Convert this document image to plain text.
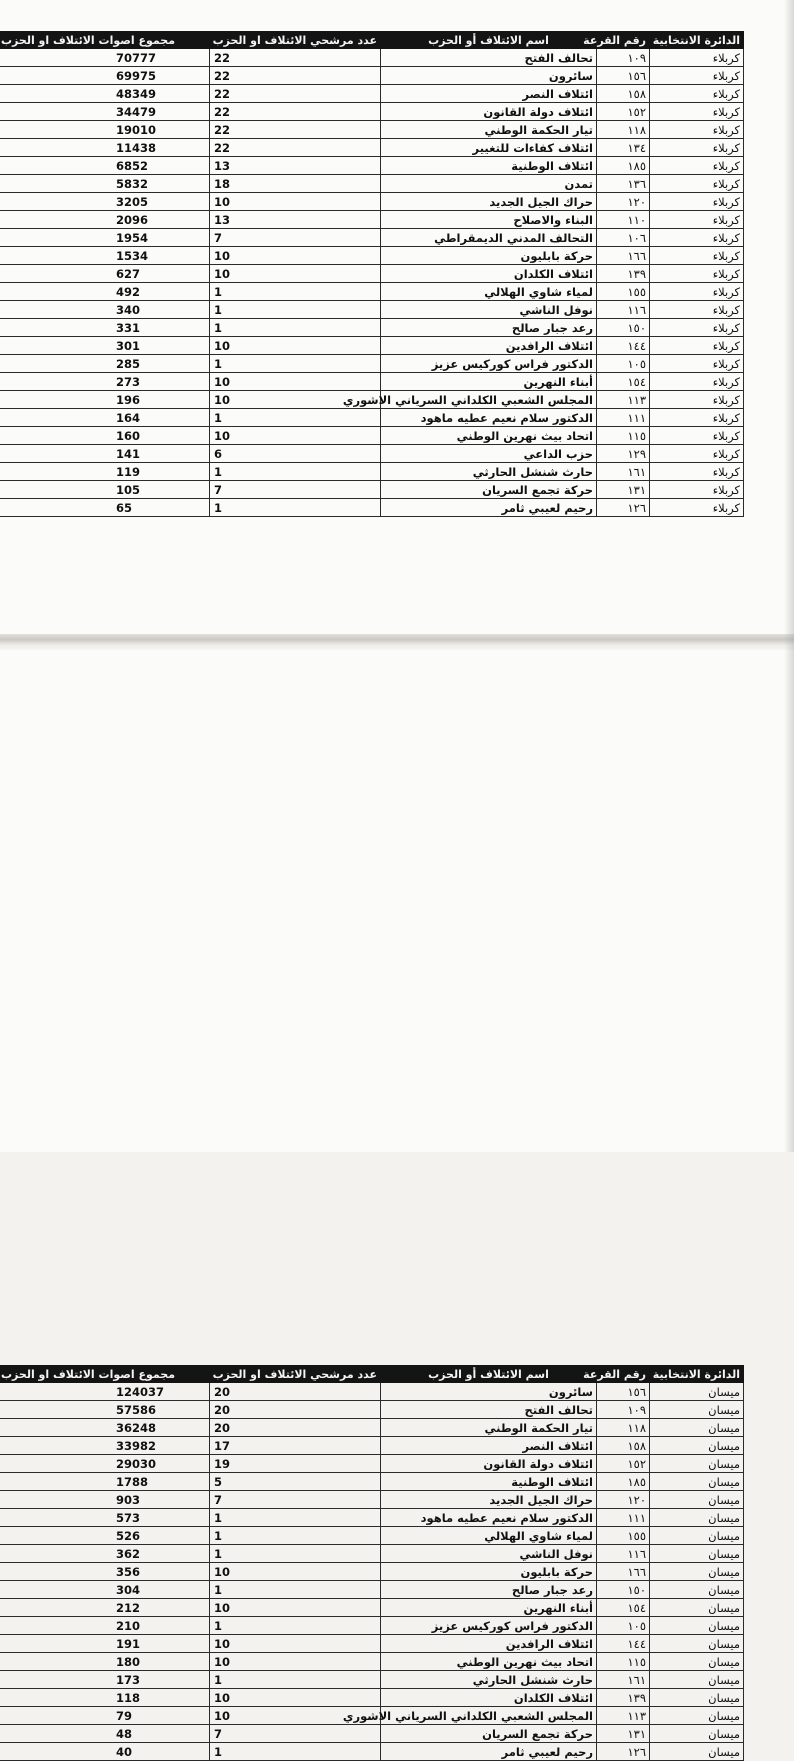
الدائرة الانتخابية	رقم القرعة	اسم الائتلاف أو الحزب	عدد مرشحي الائتلاف او الحزب	مجموع اصوات الائتلاف او الحزب
كربلاء	١٠٩	تحالف الفتح	22	70777
كربلاء	١٥٦	سائرون	22	69975
كربلاء	١٥٨	ائتلاف النصر	22	48349
كربلاء	١٥٢	ائتلاف دولة القانون	22	34479
كربلاء	١١٨	تيار الحكمة الوطني	22	19010
كربلاء	١٣٤	ائتلاف كفاءات للتغيير	22	11438
كربلاء	١٨٥	ائتلاف الوطنية	13	6852
كربلاء	١٣٦	تمدن	18	5832
كربلاء	١٢٠	حراك الجيل الجديد	10	3205
كربلاء	١١٠	البناء والاصلاح	13	2096
كربلاء	١٠٦	التحالف المدني الديمقراطي	7	1954
كربلاء	١٦٦	حركة بابليون	10	1534
كربلاء	١٣٩	ائتلاف الكلدان	10	627
كربلاء	١٥٥	لمياء شاوي الهلالي	1	492
كربلاء	١١٦	نوفل الناشي	1	340
كربلاء	١٥٠	رعد جبار صالح	1	331
كربلاء	١٤٤	ائتلاف الرافدين	10	301
كربلاء	١٠٥	الدكتور فراس كوركيس عزيز	1	285
كربلاء	١٥٤	أبناء النهرين	10	273
كربلاء	١١٣	المجلس الشعبي الكلداني السرياني الاشوري	10	196
كربلاء	١١١	الدكتور سلام نعيم عطيه ماهود	1	164
كربلاء	١١٥	اتحاد بيث نهرين الوطني	10	160
كربلاء	١٢٩	حزب الداعي	6	141
كربلاء	١٦١	حارث شنشل الحارثي	1	119
كربلاء	١٣١	حركة تجمع السريان	7	105
كربلاء	١٢٦	رحيم لعيبي ثامر	1	65
الدائرة الانتخابية	رقم القرعة	اسم الائتلاف أو الحزب	عدد مرشحي الائتلاف او الحزب	مجموع اصوات الائتلاف او الحزب
ميسان	١٥٦	سائرون	20	124037
ميسان	١٠٩	تحالف الفتح	20	57586
ميسان	١١٨	تيار الحكمة الوطني	20	36248
ميسان	١٥٨	ائتلاف النصر	17	33982
ميسان	١٥٢	ائتلاف دولة القانون	19	29030
ميسان	١٨٥	ائتلاف الوطنية	5	1788
ميسان	١٢٠	حراك الجيل الجديد	7	903
ميسان	١١١	الدكتور سلام نعيم عطيه ماهود	1	573
ميسان	١٥٥	لمياء شاوي الهلالي	1	526
ميسان	١١٦	نوفل الناشي	1	362
ميسان	١٦٦	حركة بابليون	10	356
ميسان	١٥٠	رعد جبار صالح	1	304
ميسان	١٥٤	أبناء النهرين	10	212
ميسان	١٠٥	الدكتور فراس كوركيس عزيز	1	210
ميسان	١٤٤	ائتلاف الرافدين	10	191
ميسان	١١٥	اتحاد بيث نهرين الوطني	10	180
ميسان	١٦١	حارث شنشل الحارثي	1	173
ميسان	١٣٩	ائتلاف الكلدان	10	118
ميسان	١١٣	المجلس الشعبي الكلداني السرياني الاشوري	10	79
ميسان	١٣١	حركة تجمع السريان	7	48
ميسان	١٢٦	رحيم لعيبي ثامر	1	40
